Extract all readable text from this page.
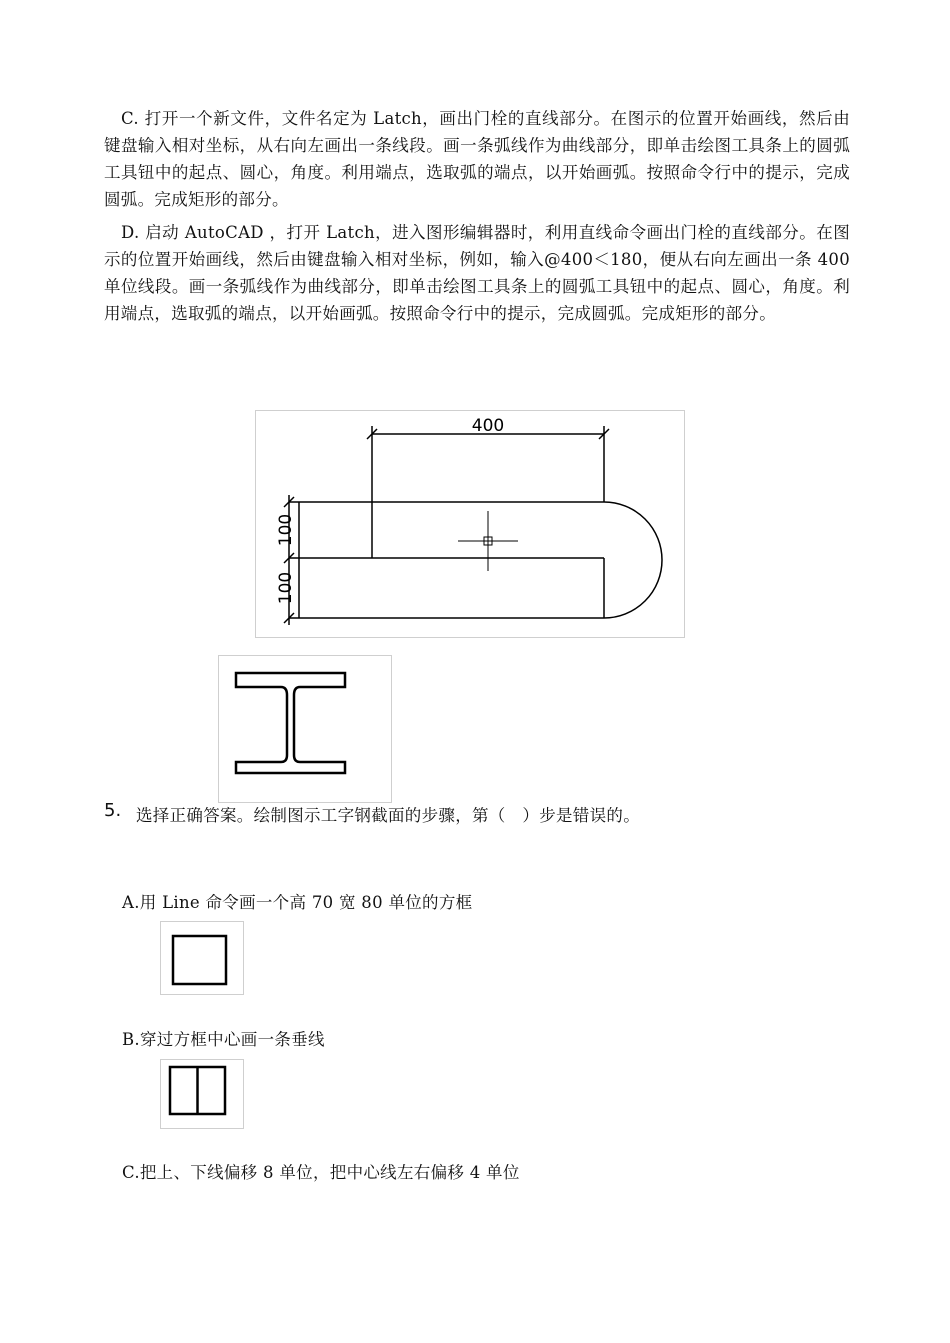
C. 打开一个新文件，文件名定为 Latch，画出门栓的直线部分。在图示的位置开始画线，然后由键盘输入相对坐标，从右向左画出一条线段。画一条弧线作为曲线部分，即单击绘图工具条上的圆弧工具钮中的起点、圆心，角度。利用端点，选取弧的端点，以开始画弧。按照命令行中的提示，完成圆弧。完成矩形的部分。
D. 启动 AutoCAD ，打开 Latch，进入图形编辑器时，利用直线命令画出门栓的直线部分。在图示的位置开始画线，然后由键盘输入相对坐标，例如，输入@400＜180，便从右向左画出一条 400 单位线段。画一条弧线作为曲线部分，即单击绘图工具条上的圆弧工具钮中的起点、圆心，角度。利用端点，选取弧的端点，以开始画弧。按照命令行中的提示，完成圆弧。完成矩形的部分。
400
100
100
5. 选择正确答案。绘制图示工字钢截面的步骤，第（　）步是错误的。
A.用 Line 命令画一个高 70 宽 80 单位的方框
B.穿过方框中心画一条垂线
C.把上、下线偏移 8 单位，把中心线左右偏移 4 单位
